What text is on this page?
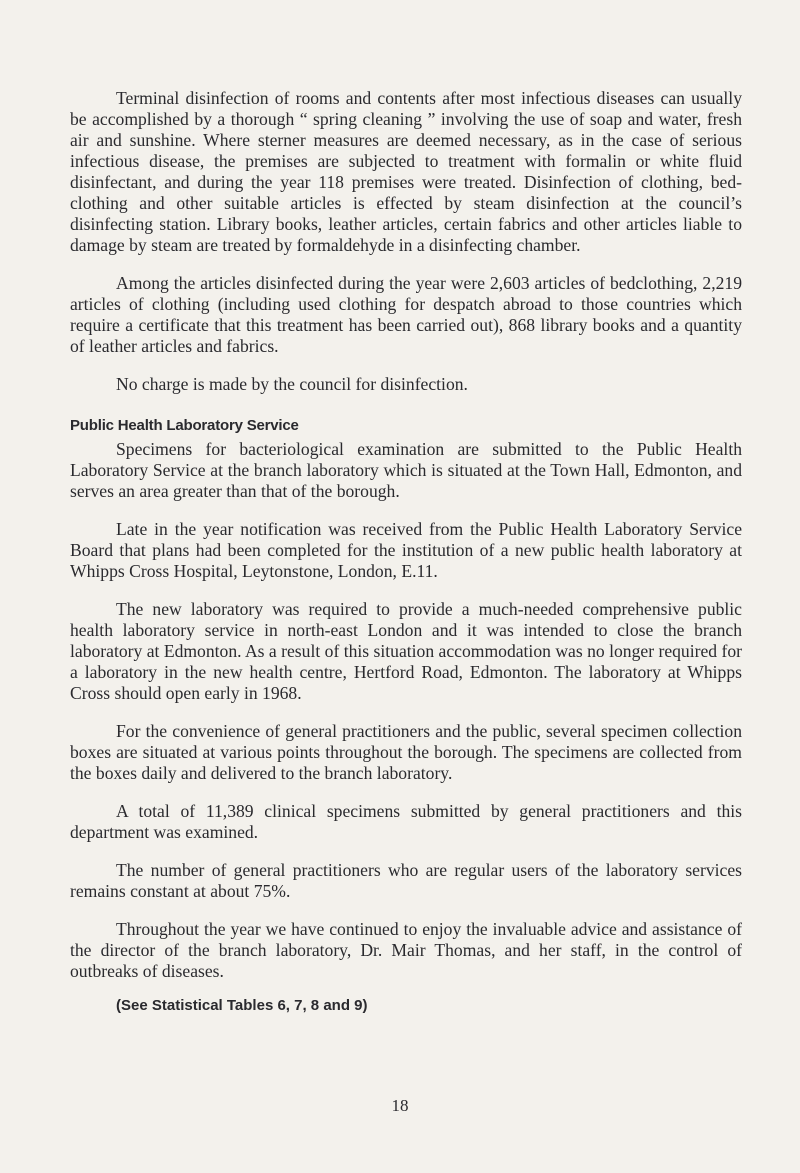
Terminal disinfection of rooms and contents after most infectious diseases can usually be accomplished by a thorough “ spring cleaning ” involving the use of soap and water, fresh air and sunshine. Where sterner measures are deemed necessary, as in the case of serious infectious disease, the premises are subjected to treatment with formalin or white fluid disinfectant, and during the year 118 premises were treated. Disinfection of clothing, bed-clothing and other suitable articles is effected by steam disinfection at the council’s disinfecting station. Library books, leather articles, certain fabrics and other articles liable to damage by steam are treated by formaldehyde in a disinfecting chamber.

Among the articles disinfected during the year were 2,603 articles of bedclothing, 2,219 articles of clothing (including used clothing for despatch abroad to those countries which require a certificate that this treatment has been carried out), 868 library books and a quantity of leather articles and fabrics.

No charge is made by the council for disinfection.

Public Health Laboratory Service

Specimens for bacteriological examination are submitted to the Public Health Laboratory Service at the branch laboratory which is situated at the Town Hall, Edmonton, and serves an area greater than that of the borough.

Late in the year notification was received from the Public Health Laboratory Service Board that plans had been completed for the institution of a new public health laboratory at Whipps Cross Hospital, Leytonstone, London, E.11.

The new laboratory was required to provide a much-needed comprehensive public health laboratory service in north-east London and it was intended to close the branch laboratory at Edmonton. As a result of this situation accommodation was no longer required for a laboratory in the new health centre, Hertford Road, Edmonton. The laboratory at Whipps Cross should open early in 1968.

For the convenience of general practitioners and the public, several specimen collection boxes are situated at various points throughout the borough. The specimens are collected from the boxes daily and delivered to the branch laboratory.

A total of 11,389 clinical specimens submitted by general practitioners and this department was examined.

The number of general practitioners who are regular users of the laboratory services remains constant at about 75%.

Throughout the year we have continued to enjoy the invaluable advice and assistance of the director of the branch laboratory, Dr. Mair Thomas, and her staff, in the control of outbreaks of diseases.

(See Statistical Tables 6, 7, 8 and 9)

18
